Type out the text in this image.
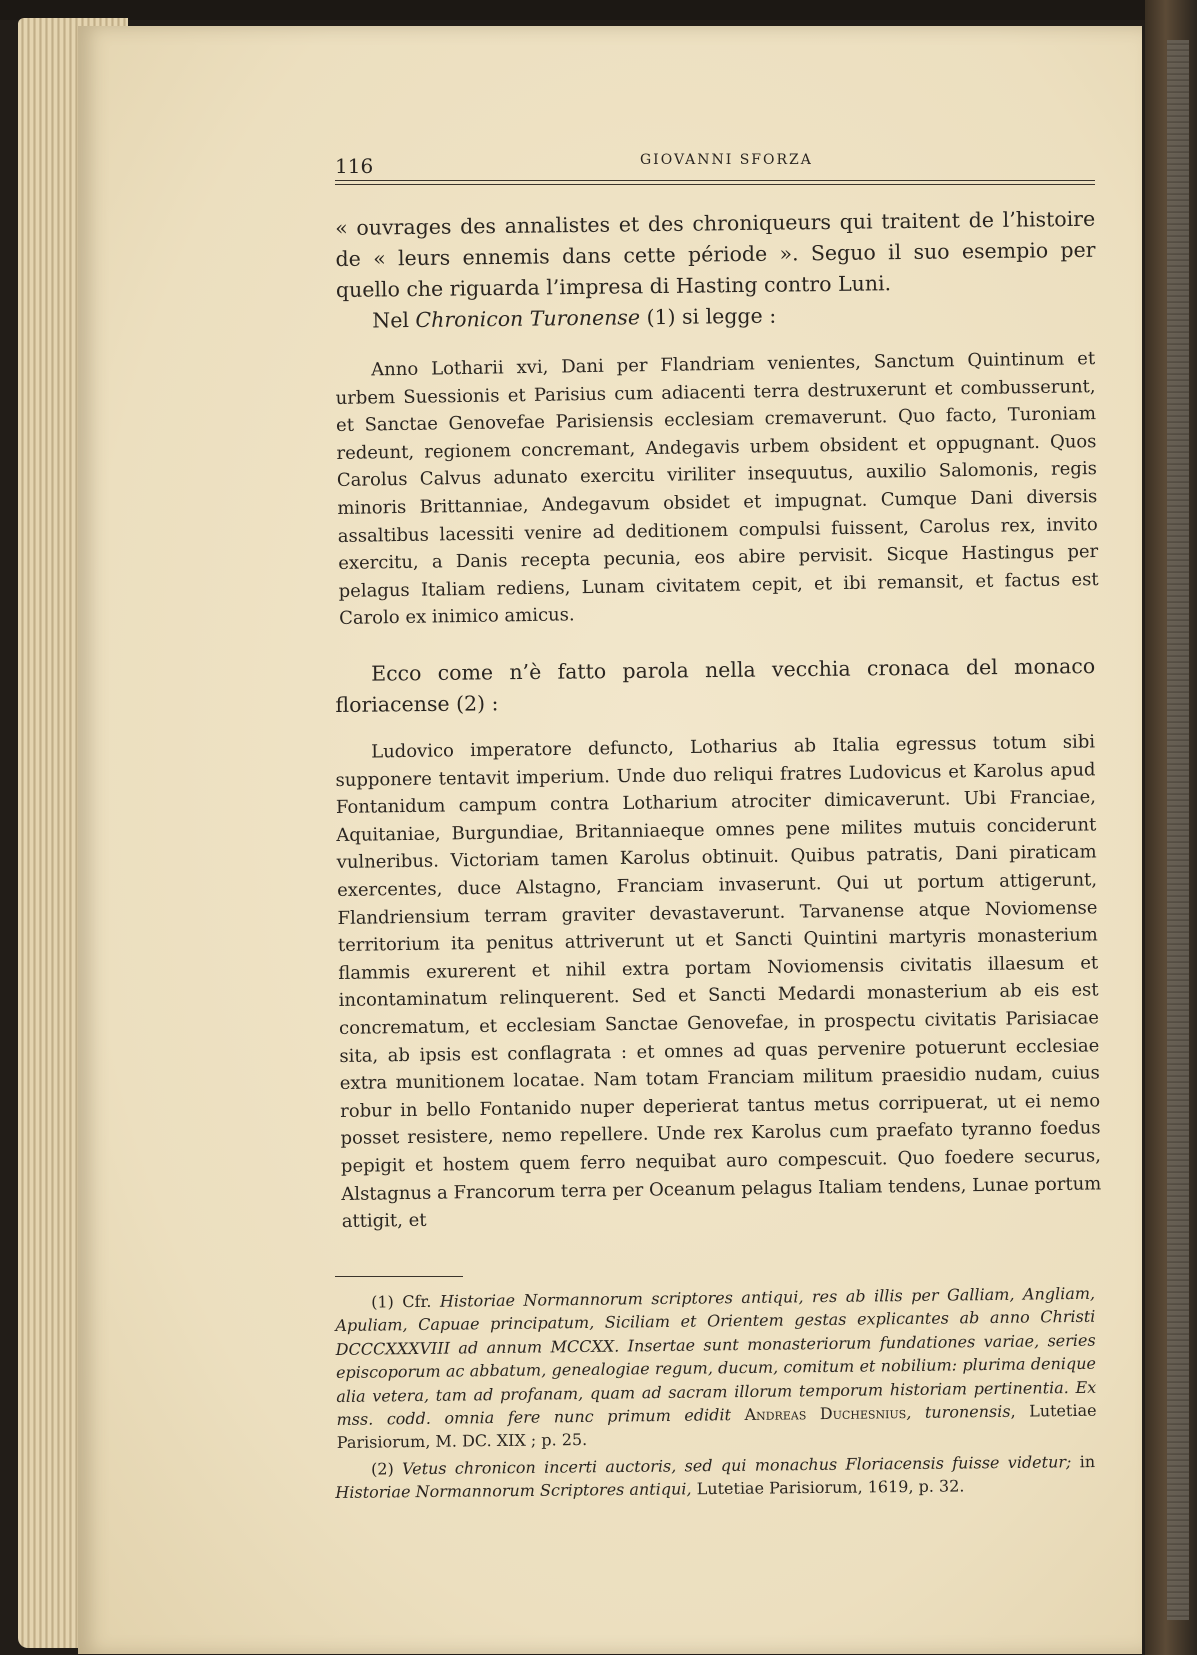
116	GIOVANNI SFORZA

« ouvrages des annalistes et des chroniqueurs qui traitent de l’histoire de « leurs ennemis dans cette période ». Seguo il suo esempio per quello che riguarda l’impresa di Hasting contro Luni.

Nel Chronicon Turonense (1) si legge :

Anno Lotharii xvi, Dani per Flandriam venientes, Sanctum Quintinum et urbem Suessionis et Parisius cum adiacenti terra destruxerunt et combusserunt, et Sanctae Genovefae Parisiensis ecclesiam cremaverunt. Quo facto, Turoniam redeunt, regionem concremant, Andegavis urbem obsident et oppugnant. Quos Carolus Calvus adunato exercitu viriliter insequutus, auxilio Salomonis, regis minoris Brittanniae, Andegavum obsidet et impugnat. Cumque Dani diversis assaltibus lacessiti venire ad deditionem compulsi fuissent, Carolus rex, invito exercitu, a Danis recepta pecunia, eos abire pervisit. Sicque Hastingus per pelagus Italiam rediens, Lunam civitatem cepit, et ibi remansit, et factus est Carolo ex inimico amicus.

Ecco come n’è fatto parola nella vecchia cronaca del monaco floriacense (2) :

Ludovico imperatore defuncto, Lotharius ab Italia egressus totum sibi supponere tentavit imperium. Unde duo reliqui fratres Ludovicus et Karolus apud Fontanidum campum contra Lotharium atrociter dimicaverunt. Ubi Franciae, Aquitaniae, Burgundiae, Britanniaeque omnes pene milites mutuis conciderunt vulneribus. Victoriam tamen Karolus obtinuit. Quibus patratis, Dani piraticam exercentes, duce Alstagno, Franciam invaserunt. Qui ut portum attigerunt, Flandriensium terram graviter devastaverunt. Tarvanense atque Noviomense territorium ita penitus attriverunt ut et Sancti Quintini martyris monasterium flammis exurerent et nihil extra portam Noviomensis civitatis illaesum et incontaminatum relinquerent. Sed et Sancti Medardi monasterium ab eis est concrematum, et ecclesiam Sanctae Genovefae, in prospectu civitatis Parisiacae sita, ab ipsis est conflagrata : et omnes ad quas pervenire potuerunt ecclesiae extra munitionem locatae. Nam totam Franciam militum praesidio nudam, cuius robur in bello Fontanido nuper deperierat tantus metus corripuerat, ut ei nemo posset resistere, nemo repellere. Unde rex Karolus cum praefato tyranno foedus pepigit et hostem quem ferro nequibat auro compescuit. Quo foedere securus, Alstagnus a Francorum terra per Oceanum pelagus Italiam tendens, Lunae portum attigit, et

(1) Cfr. Historiae Normannorum scriptores antiqui, res ab illis per Galliam, Angliam, Apuliam, Capuae principatum, Siciliam et Orientem gestas explicantes ab anno Christi DCCCXXXVIII ad annum MCCXX. Insertae sunt monasteriorum fundationes variae, series episcoporum ac abbatum, genealogiae regum, ducum, comitum et nobilium: plurima denique alia vetera, tam ad profanam, quam ad sacram illorum temporum historiam pertinentia. Ex mss. codd. omnia fere nunc primum edidit Andreas Duchesnius, turonensis, Lutetiae Parisiorum, M. DC. XIX ; p. 25.

(2) Vetus chronicon incerti auctoris, sed qui monachus Floriacensis fuisse videtur; in Historiae Normannorum Scriptores antiqui, Lutetiae Parisiorum, 1619, p. 32.
